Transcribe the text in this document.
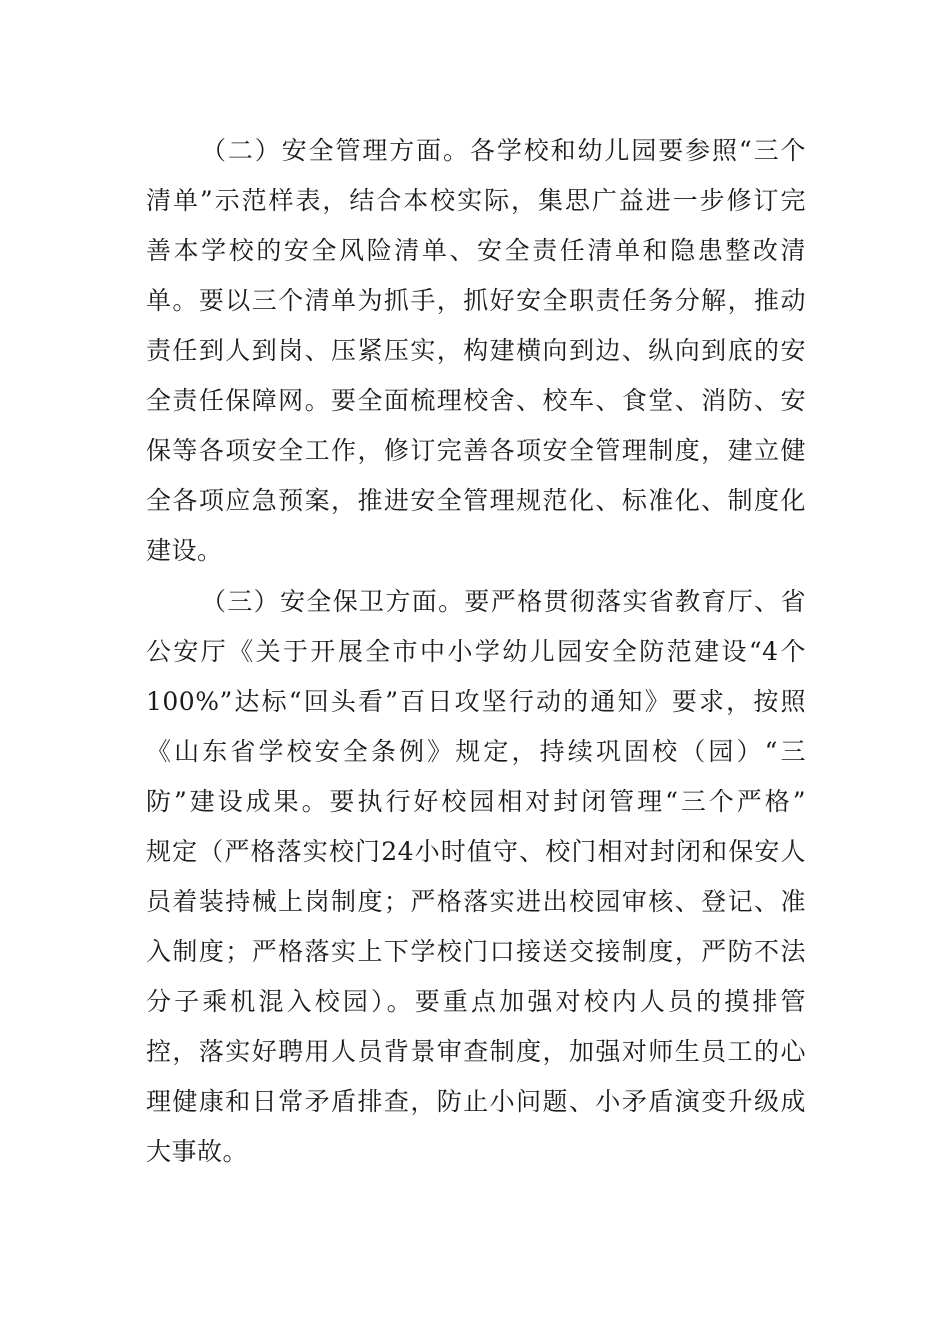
（二）安全管理方面。各学校和幼儿园要参照“三个
清单”示范样表，结合本校实际，集思广益进一步修订完
善本学校的安全风险清单、安全责任清单和隐患整改清
单。要以三个清单为抓手，抓好安全职责任务分解，推动
责任到人到岗、压紧压实，构建横向到边、纵向到底的安
全责任保障网。要全面梳理校舍、校车、食堂、消防、安
保等各项安全工作，修订完善各项安全管理制度，建立健
全各项应急预案，推进安全管理规范化、标准化、制度化
建设。
（三）安全保卫方面。要严格贯彻落实省教育厅、省
公安厅《关于开展全市中小学幼儿园安全防范建设“4个
100%”达标“回头看”百日攻坚行动的通知》要求，按照
《山东省学校安全条例》规定，持续巩固校（园）“三
防”建设成果。要执行好校园相对封闭管理“三个严格”
规定（严格落实校门24小时值守、校门相对封闭和保安人
员着装持械上岗制度；严格落实进出校园审核、登记、准
入制度；严格落实上下学校门口接送交接制度，严防不法
分子乘机混入校园）。要重点加强对校内人员的摸排管
控，落实好聘用人员背景审查制度，加强对师生员工的心
理健康和日常矛盾排查，防止小问题、小矛盾演变升级成
大事故。
